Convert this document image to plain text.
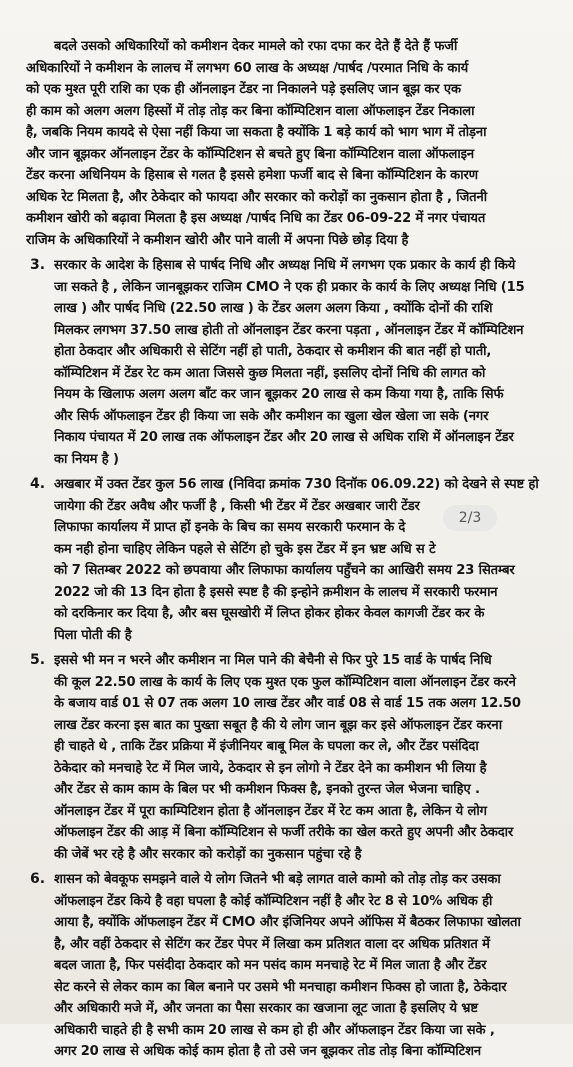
बदले उसको अधिकारियों को कमीशन देकर मामले को रफा दफा कर देते हैं देते हैं फर्जी
अधिकारियों ने कमीशन के लालच में लगभग 60 लाख के अध्यक्ष /पार्षद /परमात निधि के कार्य
को एक मुश्त पूरी राशि का एक ही ऑनलाइन टेंडर ना निकालने पड़े इसलिए जान बूझ कर एक
ही काम को अलग अलग हिस्सों में तोड़ तोड़ कर बिना कॉम्पिटिशन वाला ऑफलाइन टेंडर निकाला
है, जबकि नियम कायदे से ऐसा नहीं किया जा सकता है क्योंकि 1 बड़े कार्य को भाग भाग में तोड़ना
और जान बूझकर ऑनलाइन टेंडर के कॉम्पिटिशन से बचते हुए बिना कॉम्पिटिशन वाला ऑफलाइन
टेंडर करना अधिनियम के हिसाब से गलत है इससे हमेशा फर्जी बाद से बिना कॉम्पिटिशन के कारण
अधिक रेट मिलता है, और ठेकेदार को फायदा और सरकार को करोड़ों का नुकसान होता है , जितनी
कमीशन खोरी को बढ़ावा मिलता है इस अध्यक्ष /पार्षद निधि का टेंडर 06-09-22 में नगर पंचायत
राजिम के अधिकारियों ने कमीशन खोरी और पाने वाली में अपना पिछे छोड़ दिया है
3. सरकार के आदेश के हिसाब से पार्षद निधि और अध्यक्ष निधि में लगभग एक प्रकार के कार्य ही किये
जा सकते है , लेकिन जानबूझकर राजिम CMO ने एक ही प्रकार के कार्य के लिए अध्यक्ष निधि (15
लाख ) और पार्षद निधि (22.50 लाख ) के टेंडर अलग अलग किया , क्योंकि दोनों की राशि
मिलकर लगभग 37.50 लाख होती तो ऑनलाइन टेंडर करना पड़ता , ऑनलाइन टेंडर में कॉम्पिटिशन
होता ठेकदार और अधिकारी से सेटिंग नहीं हो पाती, ठेकदार से कमीशन की बात नहीं हो पाती,
कॉम्पिटिशन में टेंडर रेट कम आता जिससे कुछ मिलता नहीं, इसलिए दोनों निधि की लागत को
नियम के खिलाफ अलग अलग बाँट कर जान बूझकर 20 लाख से कम किया गया है, ताकि सिर्फ
और सिर्फ ऑफलाइन टेंडर ही किया जा सके और कमीशन का खुला खेल खेला जा सके (नगर
निकाय पंचायत में 20 लाख तक ऑफलाइन टेंडर और 20 लाख से अधिक राशि में ऑनलाइन टेंडर
का नियम है )
4. अखबार में उक्त टेंडर कुल 56 लाख (निविदा क्रमांक 730 दिनॉक 06.09.22) को देखने से स्पष्ट हो
जायेगा की टेंडर अवैध और फर्जी है , किसी भी टेंडर में टेंडर अखबार जारी टेंडर
लिफाफा कार्यालय में प्राप्त हों इनके के बिच का समय सरकारी फरमान के दे
कम नही होना चाहिए लेकिन पहले से सेटिंग हो चुके इस टेंडर में इन भ्रष्ट अधि स टे
को 7 सितम्बर 2022 को छपवाया और लिफाफा कार्यालय पहुँचने का आखिरी समय 23 सितम्बर
2022 जो की 13 दिन होता है इससे स्पष्ट है की इन्होने क़मीशन के लालच में सरकारी फरमान
को दरकिनार कर दिया है, और बस घूसखोरी में लिप्त होकर होकर केवल कागजी टेंडर कर के
पिला पोती की है
5. इससे भी मन न भरने और कमीशन ना मिल पाने की बेचैनी से फिर पुरे 15 वार्ड के पार्षद निधि
की कूल 22.50 लाख के कार्य के लिए एक मुश्त एक फुल कॉम्पिटिशन वाला ऑनलाइन टेंडर करने
के बजाय वार्ड 01 से 07 तक अलग 10 लाख टेंडर और वार्ड 08 से वार्ड 15 तक अलग 12.50
लाख टेंडर करना इस बात का पुख्ता सबूत है की ये लोग जान बूझ कर इसे ऑफलाइन टेंडर करना
ही चाहते थे , ताकि टेंडर प्रक्रिया में इंजीनियर बाबू मिल के घपला कर ले, और टेंडर पसंदिदा
ठेकेदार को मनचाहे रेट में मिल जाये, ठेकदार से इन लोगो ने टेंडर देने का कमीशन भी लिया है
और टेंडर से काम काम के बिल पर भी कमीशन फिक्स है, इनको तुरन्त जेल भेजना चाहिए .
ऑनलाइन टेंडर में पूरा काम्पिटिशन होता है ऑनलाइन टेंडर में रेट कम आता है, लेकिन ये लोग
ऑफलाइन टेंडर की आड़ में बिना कॉम्पिटिशन से फर्जी तरीके का खेल करते हुए अपनी और ठेकदार
की जेबें भर रहे है और सरकार को करोड़ों का नुकसान पहुंचा रहे है
6. शासन को बेवकूफ समझने वाले ये लोग जितने भी बड़े लागत वाले कामो को तोड़ तोड़ कर उसका
ऑफलाइन टेंडर किये है वहा घपला है कोई कॉम्पिटिशन नहीं है और रेट 8 से 10% अधिक ही
आया है, क्योंकि ऑफलाइन टेंडर में CMO और इंजिनियर अपने ऑफिस में बैठकर लिफाफा खोलता
है, और वहीं ठेकदार से सेटिंग कर टेंडर पेपर में लिखा कम प्रतिशत वाला दर अधिक प्रतिशत में
बदल जाता है, फिर पसंदीदा ठेकदार को मन पसंद काम मनचाहे रेट में मिल जाता है और टेंडर
सेट करने से लेकर काम का बिल बनाने पर उसमे भी मनचाहा कमीशन फिक्स हो जाता है, ठेकेदार
और अधिकारी मजे में, और जनता का पैसा सरकार का खजाना लूट जाता है इसलिए ये भ्रष्ट
अधिकारी चाहते ही है सभी काम 20 लाख से कम हो ही और ऑफलाइन टेंडर किया जा सके ,
अगर 20 लाख से अधिक कोई काम होता है तो उसे जन बूझकर तोड तोड़ बिना कॉम्पिटिशन
2/3
